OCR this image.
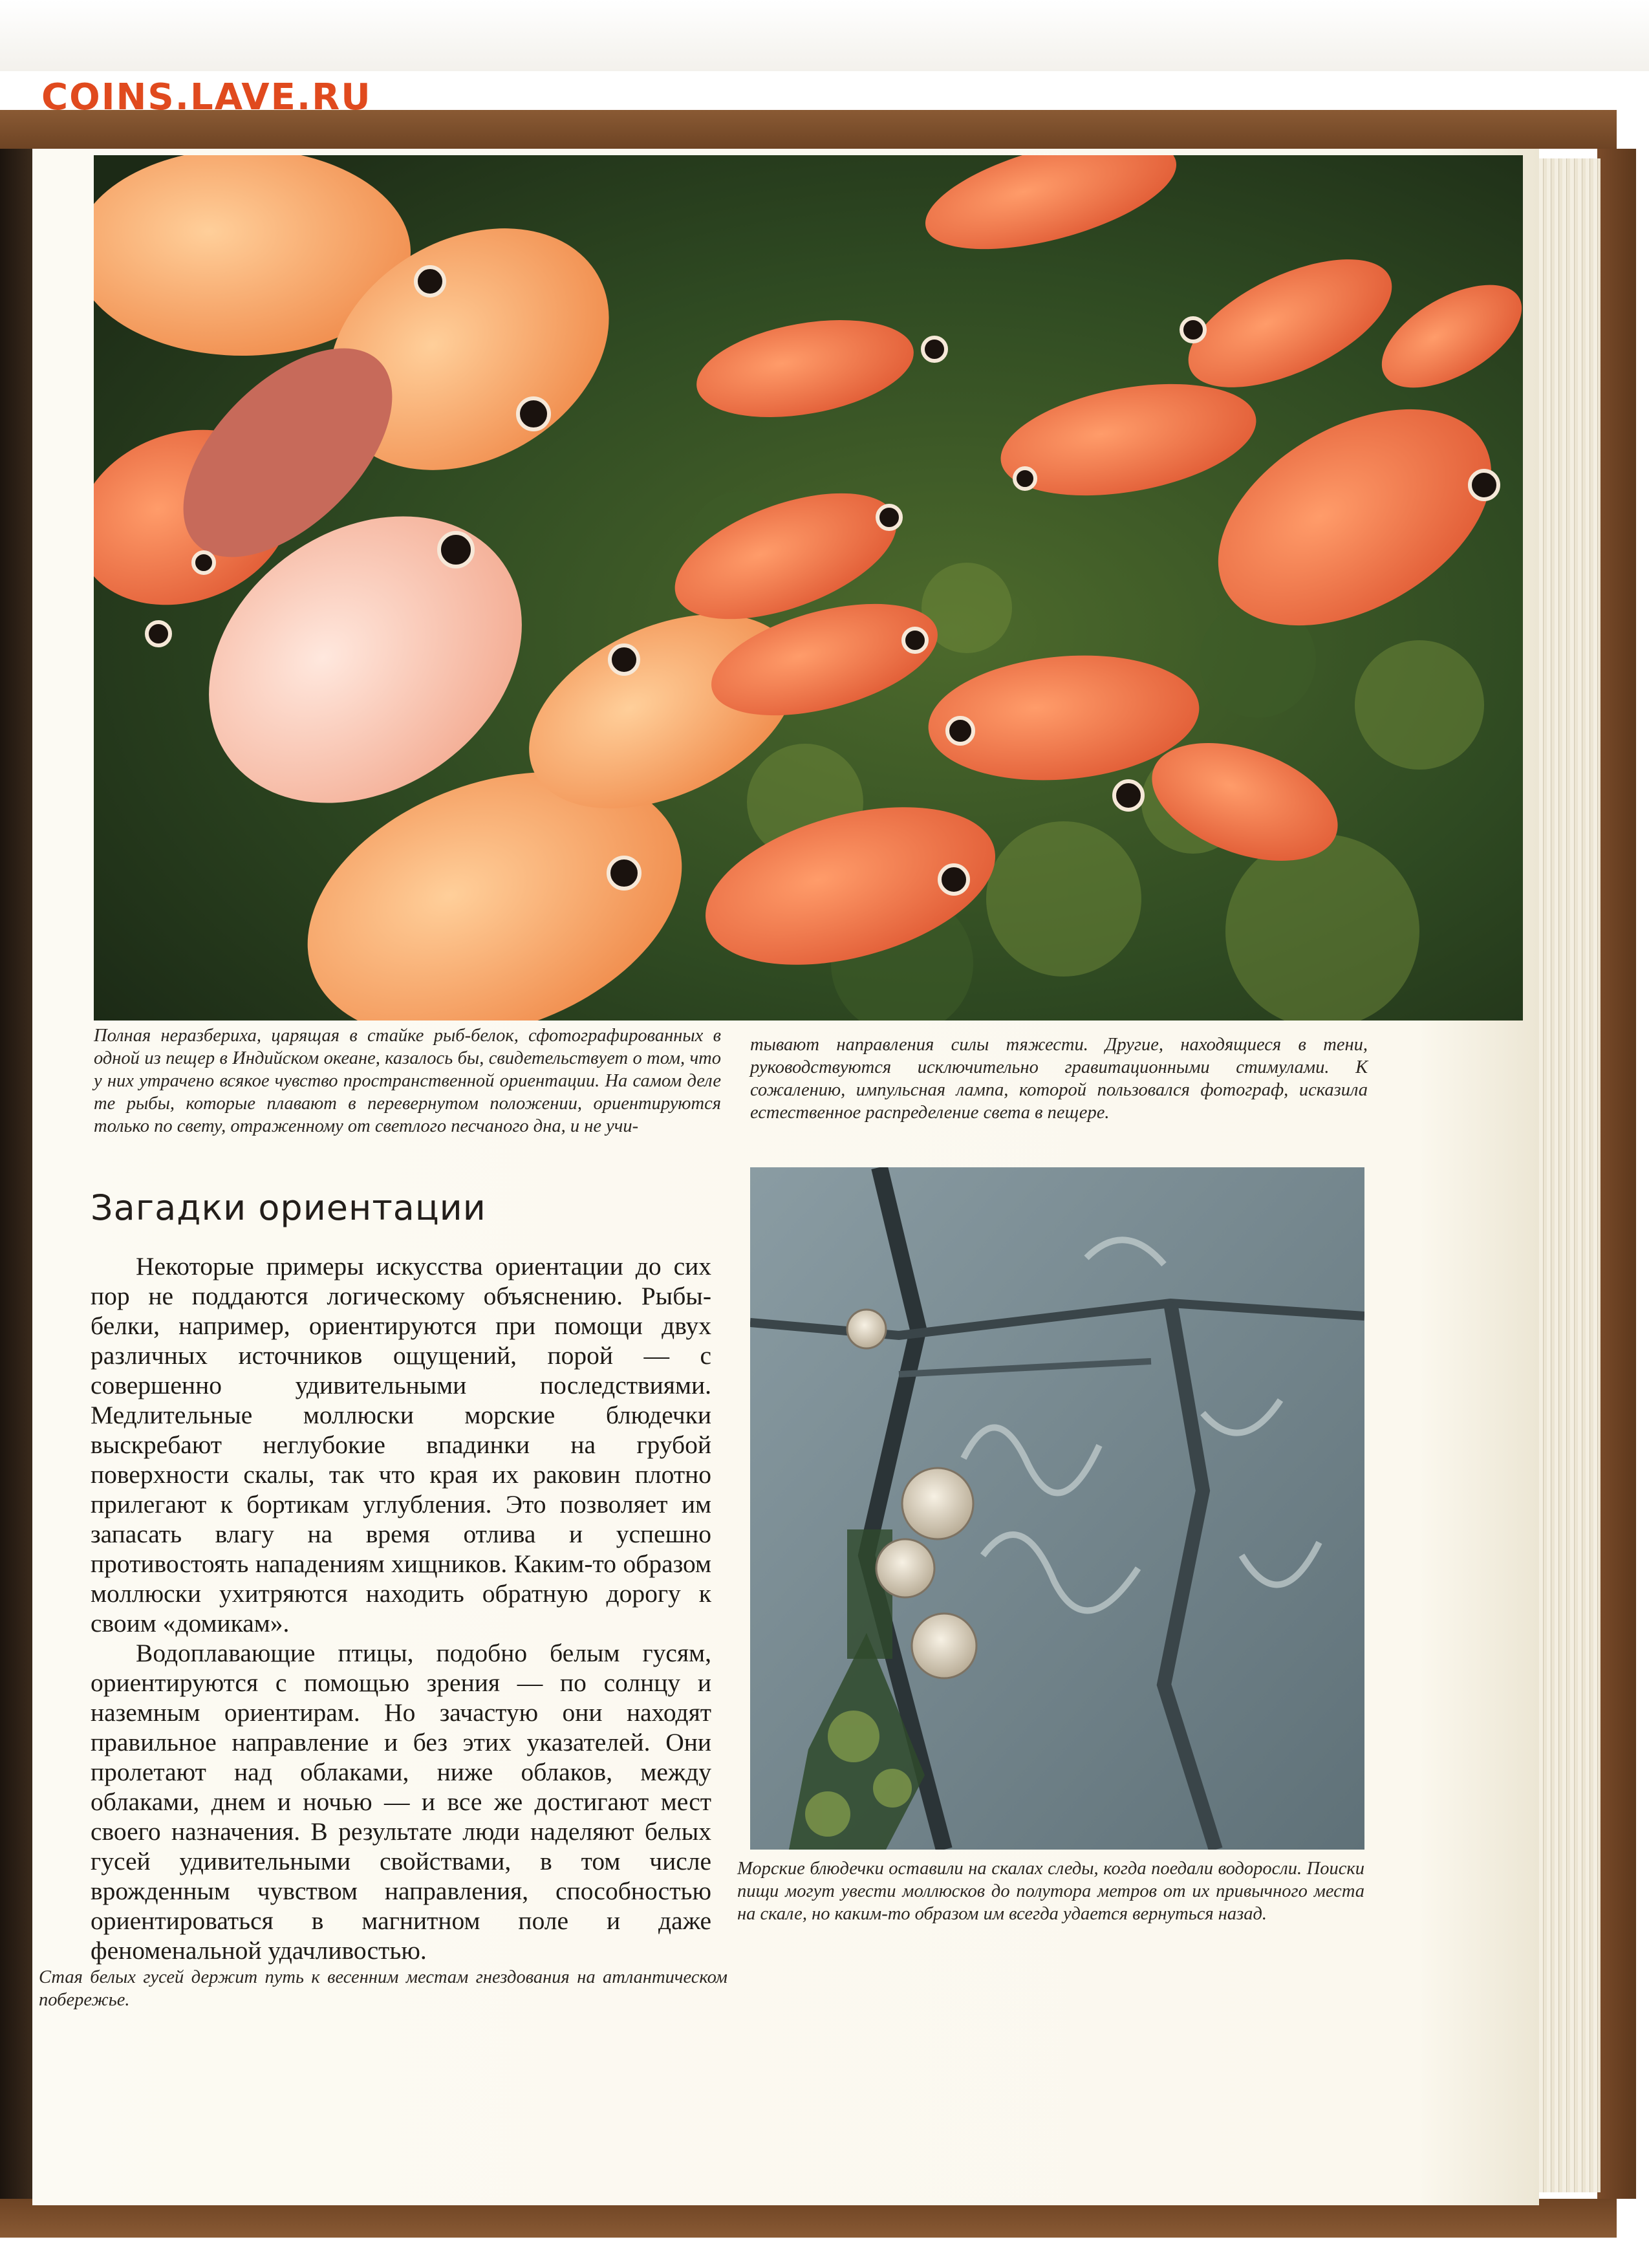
COINS.LAVE.RU
Полная неразбериха, царящая в стайке рыб-белок, сфотографированных в одной из пещер в Индийском океане, казалось бы, свидетельствует о том, что у них утрачено всякое чувство пространственной ориентации. На самом деле те рыбы, которые плавают в перевернутом положении, ориентируются только по свету, отраженному от светлого песчаного дна, и не учи-
тывают направления силы тяжести. Другие, находящиеся в тени, руководствуются исключительно гравитационными стимулами. К сожалению, импульсная лампа, которой пользовался фотограф, исказила естественное распределение света в пещере.
Загадки ориентации

Некоторые примеры искусства ориентации до сих пор не поддаются логическому объяснению. Рыбы-белки, например, ориентируются при помощи двух различных источников ощущений, порой — с совершенно удивительными последствиями. Медлительные моллюски морские блюдечки выскребают неглубокие впадинки на грубой поверхности скалы, так что края их раковин плотно прилегают к бортикам углубления. Это позволяет им запасать влагу на время отлива и успешно противостоять нападениям хищников. Каким-то образом моллюски ухитряются находить обратную дорогу к своим «домикам».

Водоплавающие птицы, подобно белым гусям, ориентируются с помощью зрения — по солнцу и наземным ориентирам. Но зачастую они находят правильное направление и без этих указателей. Они пролетают над облаками, ниже облаков, между облаками, днем и ночью — и все же достигают мест своего назначения. В результате люди наделяют белых гусей удивительными свойствами, в том числе врожденным чувством направления, способностью ориентироваться в магнитном поле и даже феноменальной удачливостью.

Морские блюдечки оставили на скалах следы, когда поедали водоросли. Поиски пищи могут увести моллюсков до полутора метров от их привычного места на скале, но каким-то образом им всегда удается вернуться назад.
Стая белых гусей держит путь к весенним местам гнездования на атлантическом побережье.
